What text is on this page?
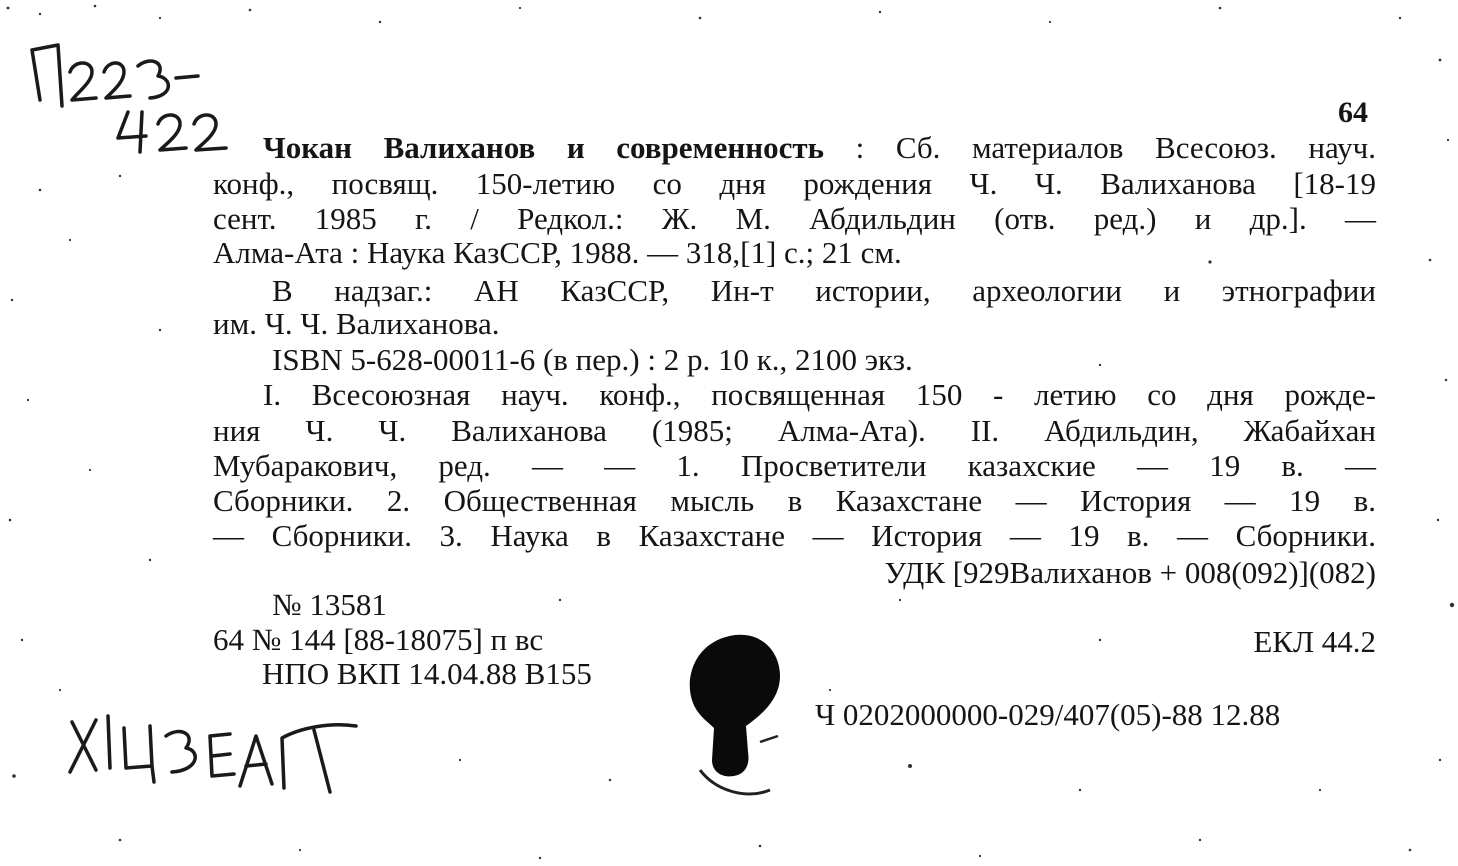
64

Чокан Валиханов и современность : Сб. материалов Всесоюз. науч.

конф., посвящ. 150-летию со дня рождения Ч. Ч. Валиханова [18-19

сент. 1985 г. / Редкол.: Ж. М. Абдильдин (отв. ред.) и др.]. —

Алма-Ата : Наука КазССР, 1988. — 318,[1] с.; 21 см.

В надзаг.: АН КазССР, Ин-т истории, археологии и этнографии

им. Ч. Ч. Валиханова.

ISBN 5-628-00011-6 (в пер.) : 2 р. 10 к., 2100 экз.

I. Всесоюзная науч. конф., посвященная 150 - летию со дня рожде-

ния Ч. Ч. Валиханова (1985; Алма-Ата). II. Абдильдин, Жабайхан

Мубаракович, ред. — — 1. Просветители казахские — 19 в. —

Сборники. 2. Общественная мысль в Казахстане — История — 19 в.

— Сборники. 3. Наука в Казахстане — История — 19 в. — Сборники.

УДК [929Валиханов + 008(092)](082)

№ 13581

64 № 144 [88-18075] п вс

НПО ВКП 14.04.88 В155

ЕКЛ 44.2

Ч 0202000000-029/407(05)-88 12.88
